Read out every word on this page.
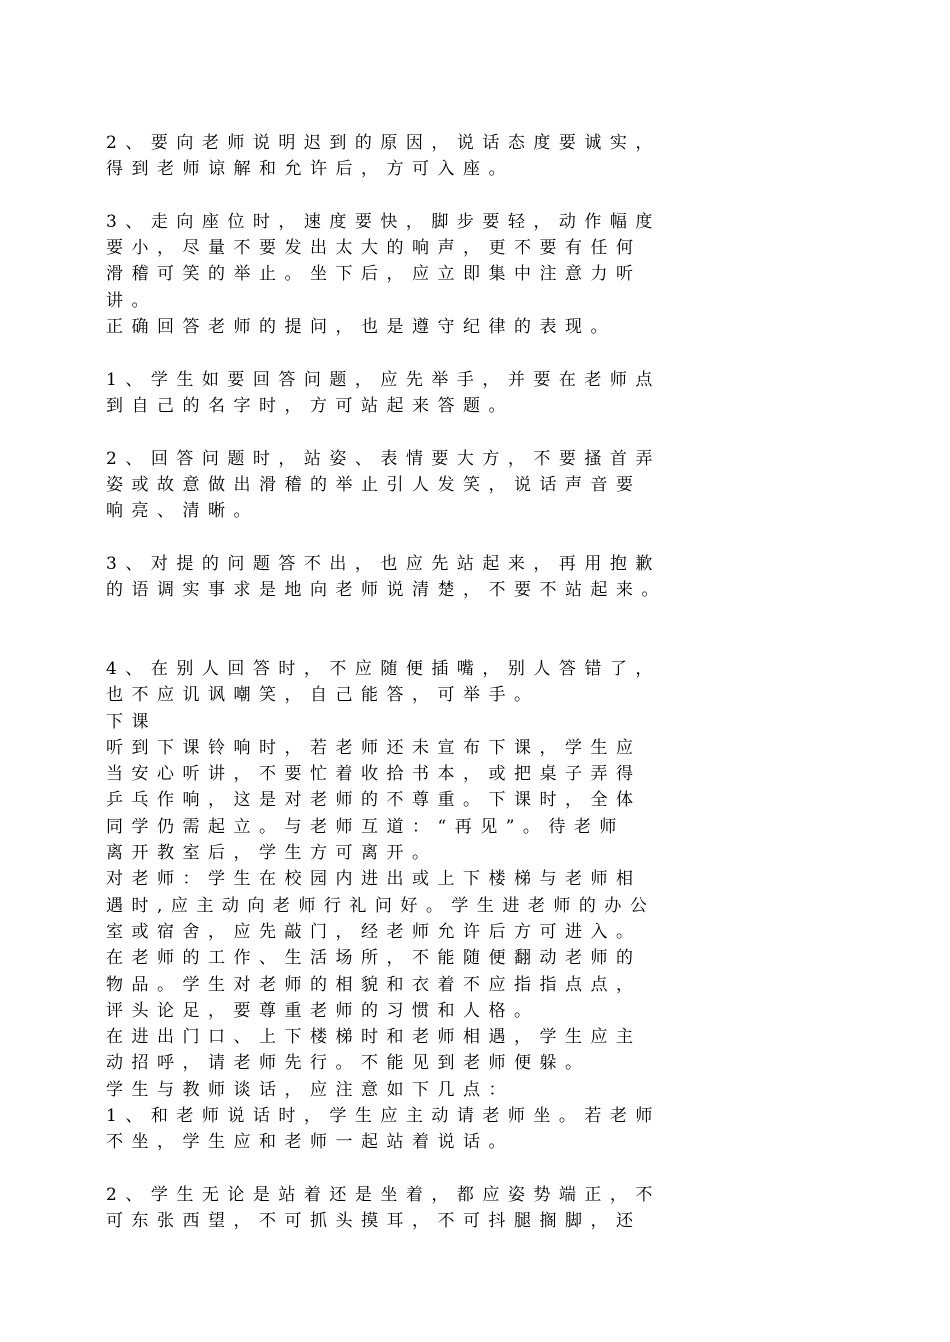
2、要向老师说明迟到的原因，说话态度要诚实，
得到老师谅解和允许后，方可入座。
3、走向座位时，速度要快，脚步要轻，动作幅度
要小，尽量不要发出太大的响声，更不要有任何
滑稽可笑的举止。坐下后，应立即集中注意力听
讲。
正确回答老师的提问，也是遵守纪律的表现。
1、学生如要回答问题，应先举手，并要在老师点
到自己的名字时，方可站起来答题。
2、回答问题时，站姿、表情要大方，不要搔首弄
姿或故意做出滑稽的举止引人发笑，说话声音要
响亮、清晰。
3、对提的问题答不出，也应先站起来，再用抱歉
的语调实事求是地向老师说清楚，不要不站起来。
4、在别人回答时，不应随便插嘴，别人答错了，
也不应讥讽嘲笑，自己能答，可举手。
下课
听到下课铃响时，若老师还未宣布下课，学生应
当安心听讲，不要忙着收拾书本，或把桌子弄得
乒乓作响，这是对老师的不尊重。下课时，全体
同学仍需起立。与老师互道：“再见”。待老师
离开教室后，学生方可离开。
对老师：学生在校园内进出或上下楼梯与老师相
遇时,应主动向老师行礼问好。学生进老师的办公
室或宿舍，应先敲门，经老师允许后方可进入。
在老师的工作、生活场所，不能随便翻动老师的
物品。学生对老师的相貌和衣着不应指指点点，
评头论足，要尊重老师的习惯和人格。
在进出门口、上下楼梯时和老师相遇，学生应主
动招呼，请老师先行。不能见到老师便躲。
学生与教师谈话，应注意如下几点：
1、和老师说话时，学生应主动请老师坐。若老师
不坐，学生应和老师一起站着说话。
2、学生无论是站着还是坐着，都应姿势端正，不
可东张西望，不可抓头摸耳，不可抖腿搁脚，还
